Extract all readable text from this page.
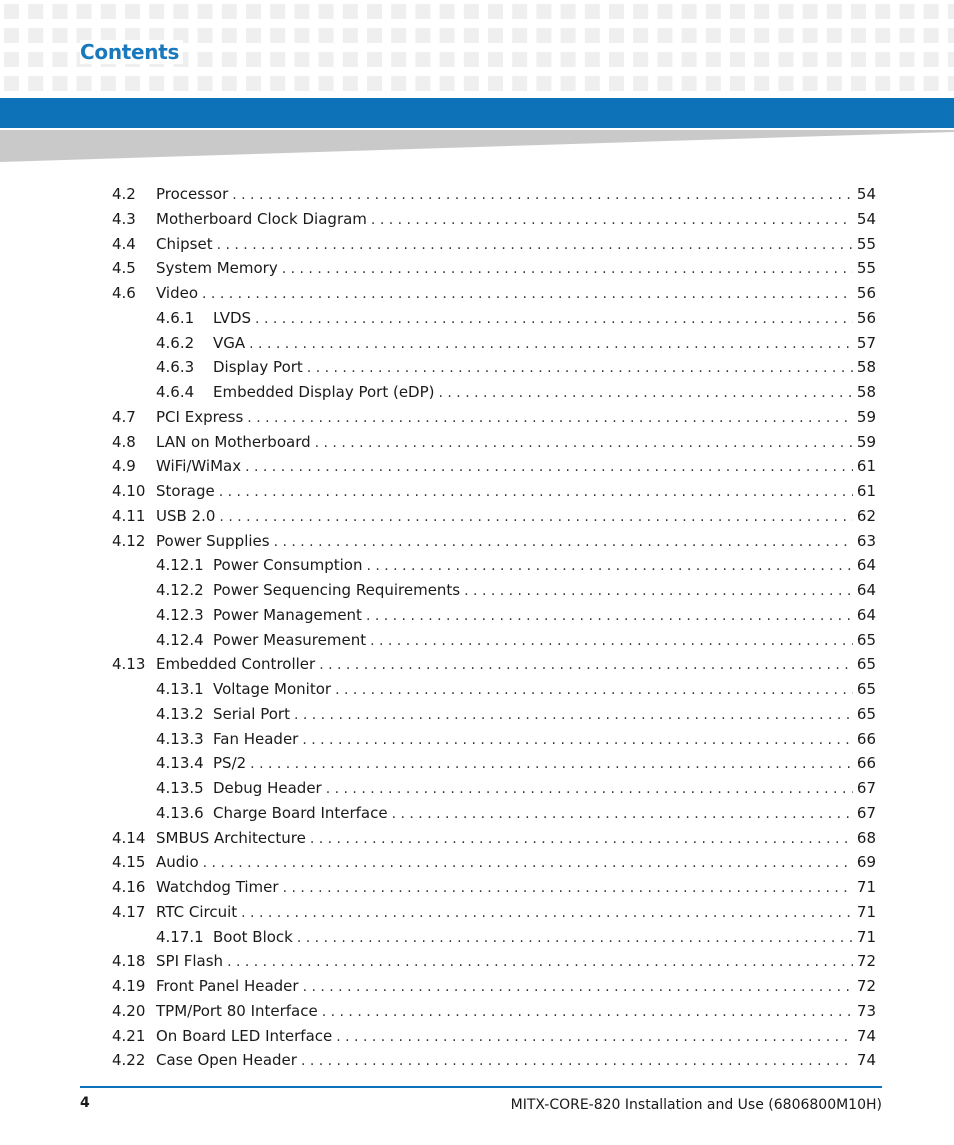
Contents
4.2	Processor . . .	54
4.3	Motherboard Clock Diagram . . .	54
4.4	Chipset . . .	55
4.5	System Memory . . .	55
4.6	Video . . .	56
4.6.1	LVDS . . .	56
4.6.2	VGA . . .	57
4.6.3	Display Port . . .	58
4.6.4	Embedded Display Port (eDP) . . .	58
4.7	PCI Express . . .	59
4.8	LAN on Motherboard . . .	59
4.9	WiFi/WiMax . . .	61
4.10 Storage . . .	61
4.11 USB 2.0 . . .	62
4.12 Power Supplies . . .	63
4.12.1 Power Consumption . . .	64
4.12.2 Power Sequencing Requirements . . .	64
4.12.3 Power Management . . .	64
4.12.4 Power Measurement . . .	65
4.13 Embedded Controller . . .	65
4.13.1 Voltage Monitor . . .	65
4.13.2 Serial Port . . .	65
4.13.3 Fan Header . . .	66
4.13.4 PS/2 . . .	66
4.13.5 Debug Header . . .	67
4.13.6 Charge Board Interface . . .	67
4.14 SMBUS Architecture . . .	68
4.15 Audio . . .	69
4.16 Watchdog Timer . . .	71
4.17 RTC Circuit . . .	71
4.17.1 Boot Block . . .	71
4.18 SPI Flash . . .	72
4.19 Front Panel Header . . .	72
4.20 TPM/Port 80 Interface . . .	73
4.21 On Board LED Interface . . .	74
4.22 Case Open Header . . .	74
4	MITX-CORE-820 Installation and Use (6806800M10H)
